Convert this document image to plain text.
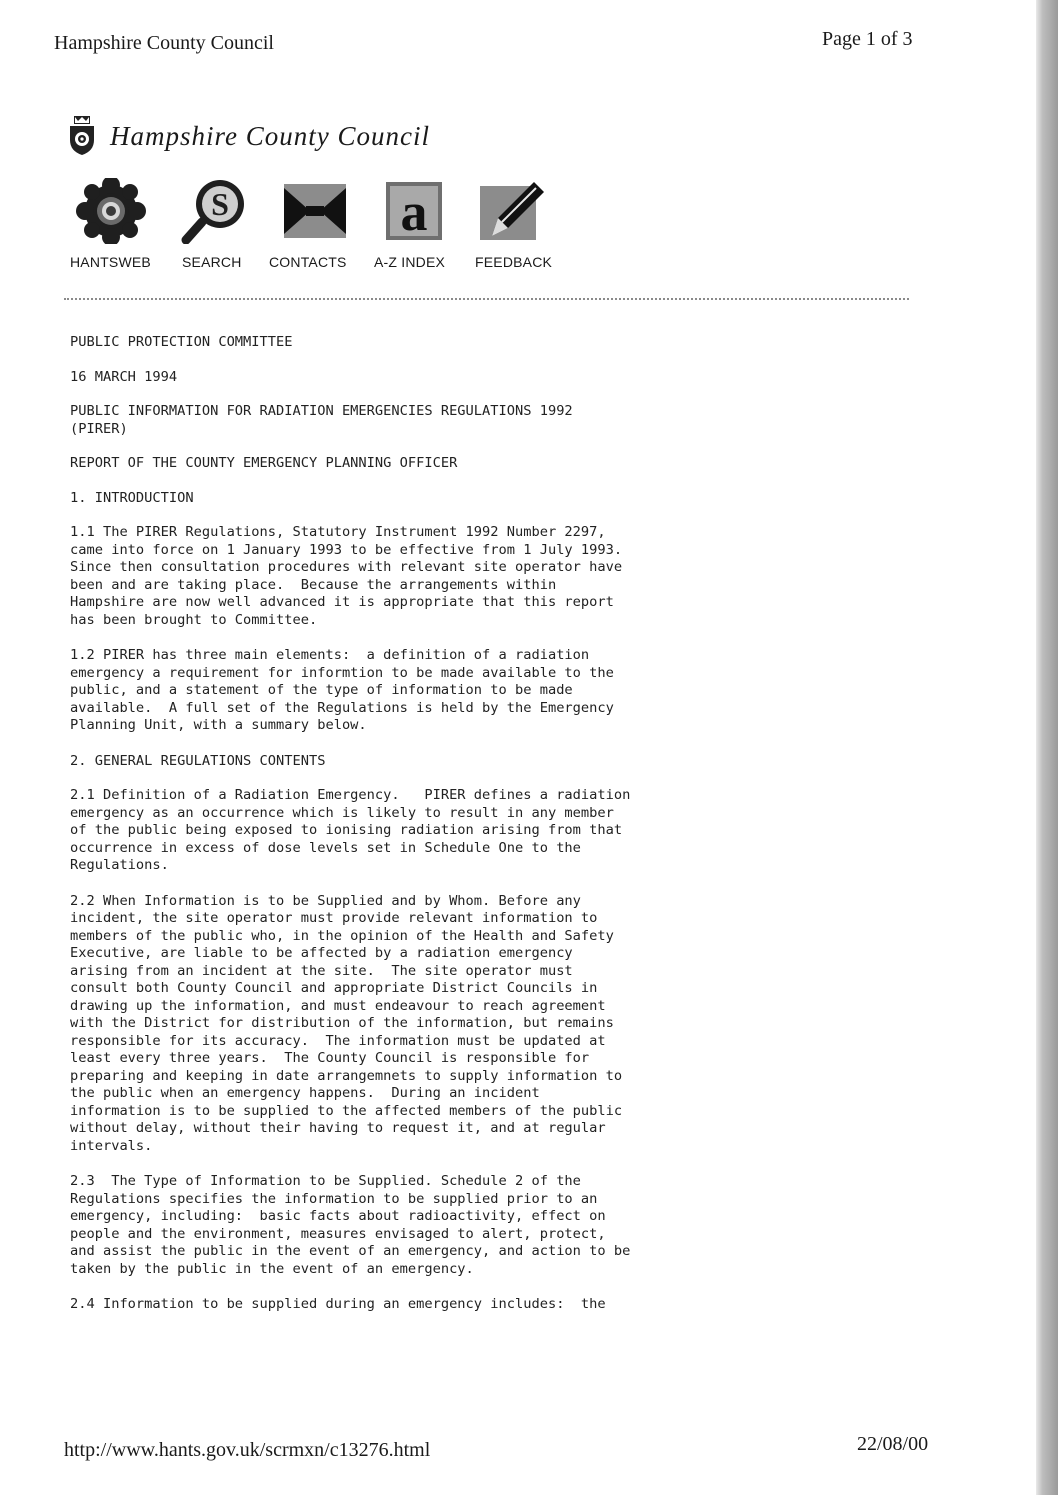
Hampshire County Council	Page 1 of 3
Hampshire County Council
HANTSWEB
S
SEARCH CONTACTS
a
A-Z INDEX FEEDBACK
PUBLIC PROTECTION COMMITTEE
16 MARCH 1994
PUBLIC INFORMATION FOR RADIATION EMERGENCIES REGULATIONS 1992
(PIRER)
REPORT OF THE COUNTY EMERGENCY PLANNING OFFICER
1. INTRODUCTION
1.1 The PIRER Regulations, Statutory Instrument 1992 Number 2297,
came into force on 1 January 1993 to be effective from 1 July 1993.
Since then consultation procedures with relevant site operator have
been and are taking place.  Because the arrangements within
Hampshire are now well advanced it is appropriate that this report
has been brought to Committee.
1.2 PIRER has three main elements:  a definition of a radiation
emergency a requirement for informtion to be made available to the
public, and a statement of the type of information to be made
available.  A full set of the Regulations is held by the Emergency
Planning Unit, with a summary below.
2. GENERAL REGULATIONS CONTENTS
2.1 Definition of a Radiation Emergency.   PIRER defines a radiation
emergency as an occurrence which is likely to result in any member
of the public being exposed to ionising radiation arising from that
occurrence in excess of dose levels set in Schedule One to the
Regulations.
2.2 When Information is to be Supplied and by Whom. Before any
incident, the site operator must provide relevant information to
members of the public who, in the opinion of the Health and Safety
Executive, are liable to be affected by a radiation emergency
arising from an incident at the site.  The site operator must
consult both County Council and appropriate District Councils in
drawing up the information, and must endeavour to reach agreement
with the District for distribution of the information, but remains
responsible for its accuracy.  The information must be updated at
least every three years.  The County Council is responsible for
preparing and keeping in date arrangemnets to supply information to
the public when an emergency happens.  During an incident
information is to be supplied to the affected members of the public
without delay, without their having to request it, and at regular
intervals.
2.3  The Type of Information to be Supplied. Schedule 2 of the
Regulations specifies the information to be supplied prior to an
emergency, including:  basic facts about radioactivity, effect on
people and the environment, measures envisaged to alert, protect,
and assist the public in the event of an emergency, and action to be
taken by the public in the event of an emergency.
2.4 Information to be supplied during an emergency includes:  the
http://www.hants.gov.uk/scrmxn/c13276.html	22/08/00
